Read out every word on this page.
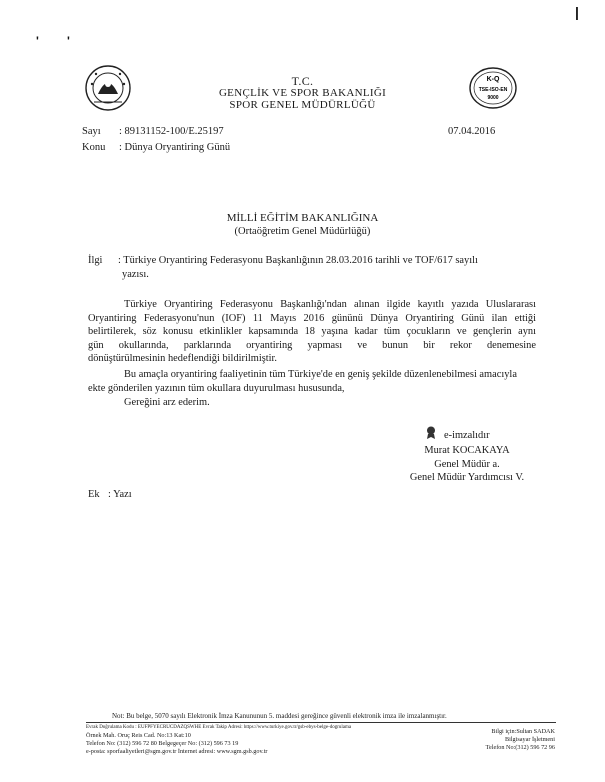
' '
|
T.C.
GENÇLİK VE SPOR BAKANLIĞI
SPOR GENEL MÜDÜRLÜĞÜ
K-Q
TSE-ISO-EN
9000
Sayı : 89131152-100/E.25197	07.04.2016
Konu : Dünya Oryantiring Günü
MİLLİ EĞİTİM BAKANLIĞINA
(Ortaöğretim Genel Müdürlüğü)
İlgi : Türkiye Oryantiring Federasyonu Başkanlığının 28.03.2016 tarihli ve TOF/617 sayılı
yazısı.
Türkiye Oryantiring Federasyonu Başkanlığı'ndan alınan ilgide kayıtlı yazıda Uluslararası
Oryantiring Federasyonu'nun (IOF) 11 Mayıs 2016 gününü Dünya Oryantiring Günü ilan ettiği
belirtilerek, söz konusu etkinlikler kapsamında 18 yaşına kadar tüm çocukların ve gençlerin aynı
gün okullarında, parklarında oryantiring yapması ve bunun bir rekor denemesine
dönüştürülmesinin hedeflendiği bildirilmiştir.
Bu amaçla oryantiring faaliyetinin tüm Türkiye'de en geniş şekilde düzenlenebilmesi amacıyla
ekte gönderilen yazının tüm okullara duyurulması hususunda,
Gereğini arz ederim.
e-imzalıdır
Murat KOCAKAYA
Genel Müdür a.
Genel Müdür Yardımcısı V.
Ek : Yazı
Not: Bu belge, 5070 sayılı Elektronik İmza Kanununun 5. maddesi gereğince güvenli elektronik imza ile imzalanmıştır.
Evrak Doğrulama Kodu : EUFPFYECRUCDAZQSWHE Evrak Takip Adresi: https://www.turkiye.gov.tr/gsb-ebys-belge-dogrulama
Örnek Mah. Oruç Reis Cad. No:13 Kat:10
Telefon No: (312) 596 72 80 Belgegeçer No: (312) 596 73 19
e-posta: sporfaaliyetleri@sgm.gov.tr İnternet adresi: www.sgm.gsb.gov.tr
Bilgi için:Sultan SADAK
Bilgisayar İşletmeni
Telefon No:(312) 596 72 96
